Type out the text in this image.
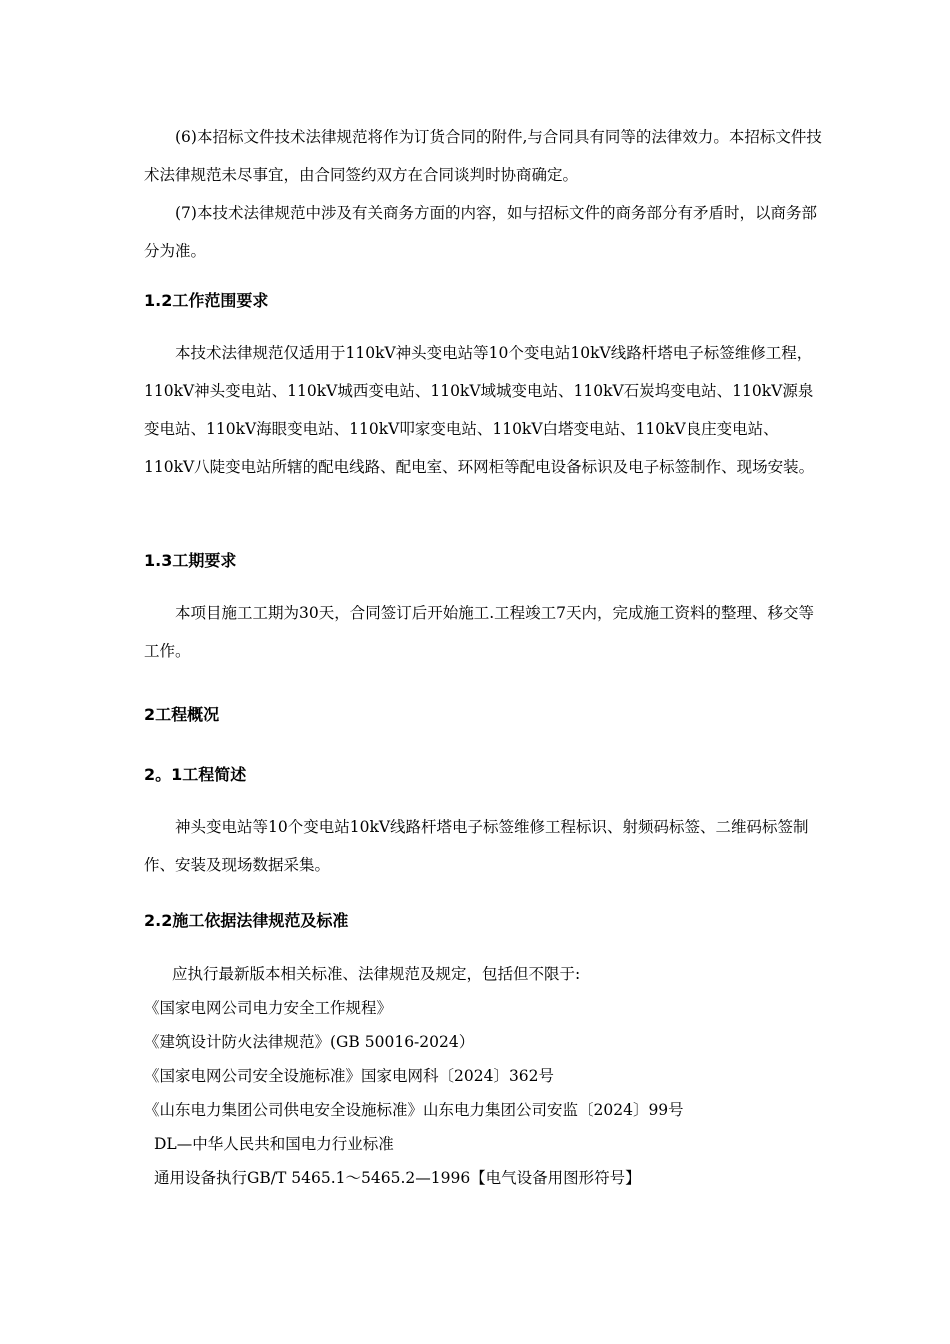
(6)本招标文件技术法律规范将作为订货合同的附件,与合同具有同等的法律效力。本招标文件技术法律规范未尽事宜，由合同签约双方在合同谈判时协商确定。

(7)本技术法律规范中涉及有关商务方面的内容，如与招标文件的商务部分有矛盾时，以商务部分为准。

1.2工作范围要求

本技术法律规范仅适用于110kV神头变电站等10个变电站10kV线路杆塔电子标签维修工程，110kV神头变电站、110kV城西变电站、110kV域城变电站、110kV石炭坞变电站、110kV源泉变电站、110kV海眼变电站、110kV叩家变电站、110kV白塔变电站、110kV良庄变电站、110kV八陡变电站所辖的配电线路、配电室、环网柜等配电设备标识及电子标签制作、现场安装。

1.3工期要求

本项目施工工期为30天，合同签订后开始施工.工程竣工7天内，完成施工资料的整理、移交等工作。

2工程概况
2。1工程简述

神头变电站等10个变电站10kV线路杆塔电子标签维修工程标识、射频码标签、二维码标签制作、安装及现场数据采集。

2.2施工依据法律规范及标准

应执行最新版本相关标准、法律规范及规定，包括但不限于:

《国家电网公司电力安全工作规程》

《建筑设计防火法律规范》(GB 50016-2024）

《国家电网公司安全设施标准》国家电网科〔2024〕362号

《山东电力集团公司供电安全设施标准》山东电力集团公司安监〔2024〕99号

DL—中华人民共和国电力行业标准

通用设备执行GB/T 5465.1～5465.2—1996【电气设备用图形符号】
